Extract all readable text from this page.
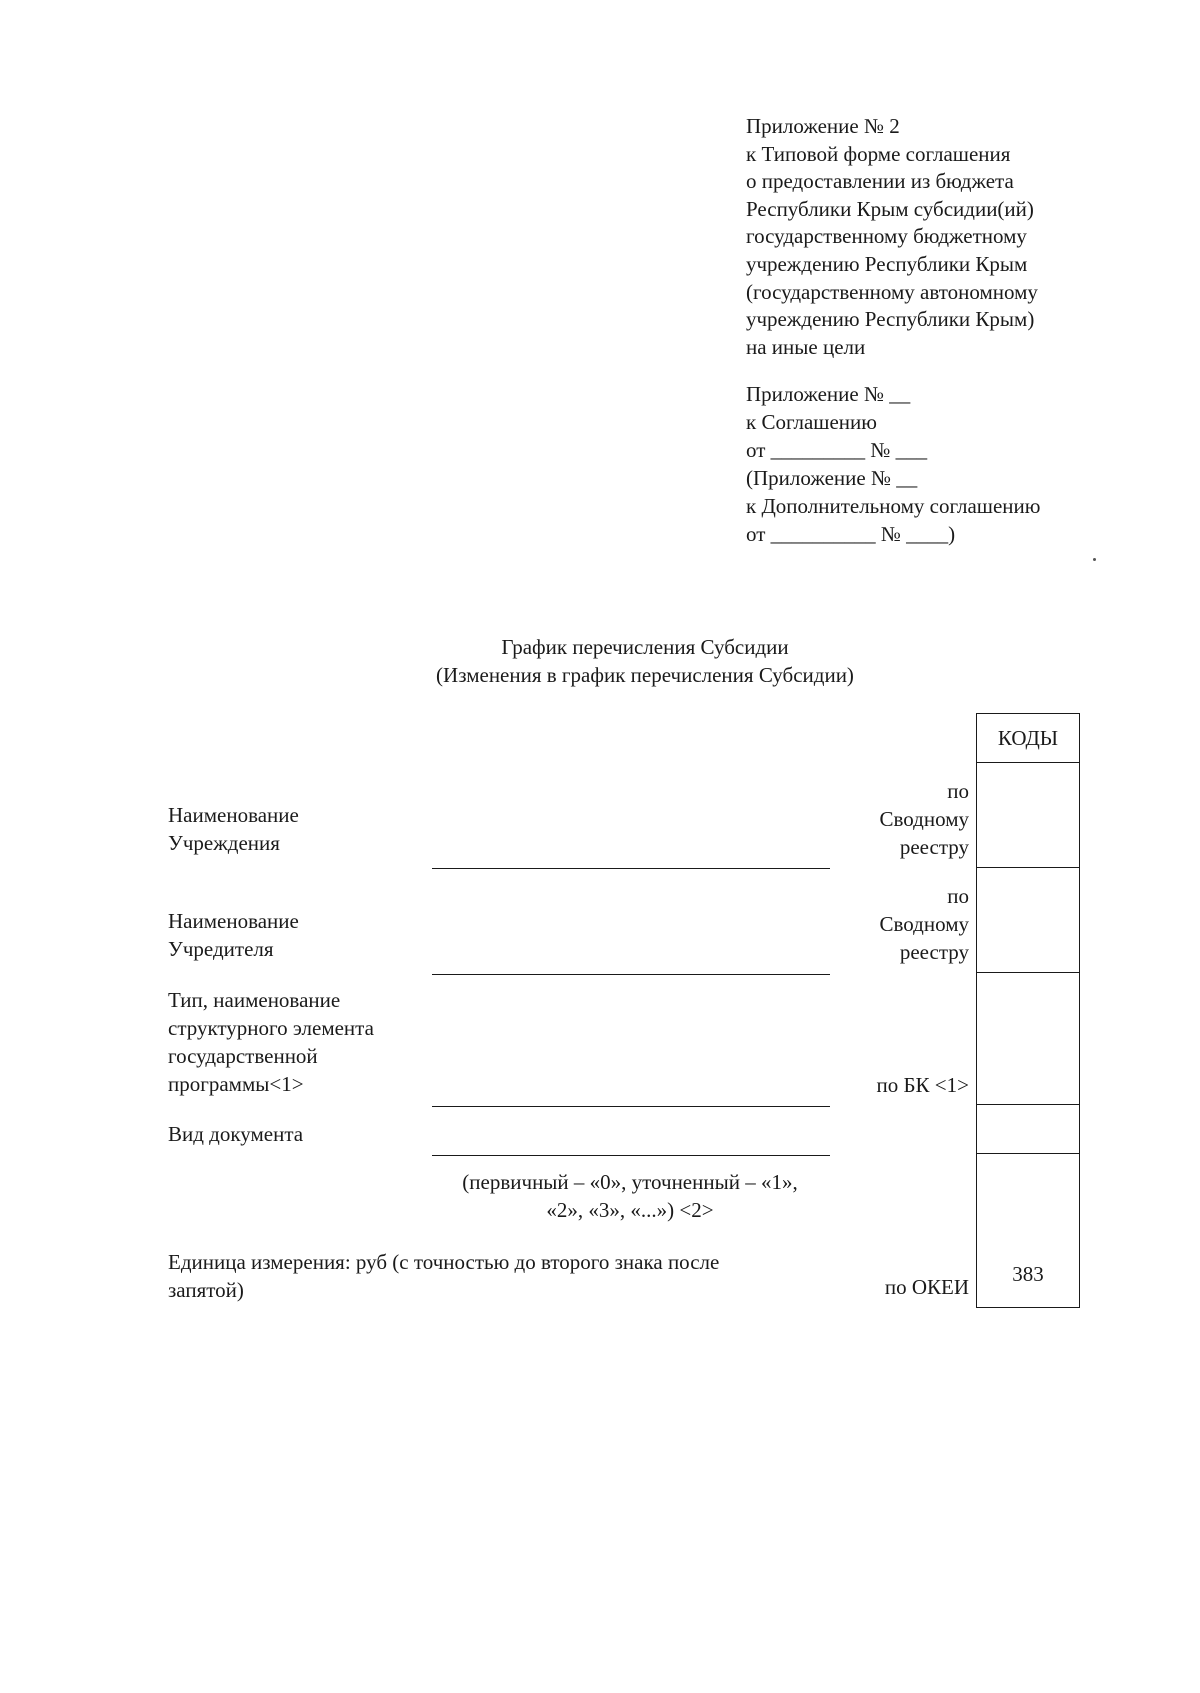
Приложение № 2
к Типовой форме соглашения
о предоставлении из бюджета
Республики Крым субсидии(ий)
государственному бюджетному
учреждению Республики Крым
(государственному автономному
учреждению Республики Крым)
на иные цели
Приложение № __
к Соглашению
от _________ № ___
(Приложение № __
к Дополнительному соглашению
от __________ № ____)
График перечисления Субсидии
(Изменения в график перечисления Субсидии)
КОДЫ
383
Наименование
Учреждения
по
Сводному
реестру
Наименование
Учредителя
по
Сводному
реестру
Тип, наименование
структурного элемента
государственной
программы<1>	по БК <1>
Вид документа
(первичный – «0», уточненный – «1»,
«2», «3», «...») <2>
Единица измерения: руб (с точностью до второго знака после
запятой)	по ОКЕИ
